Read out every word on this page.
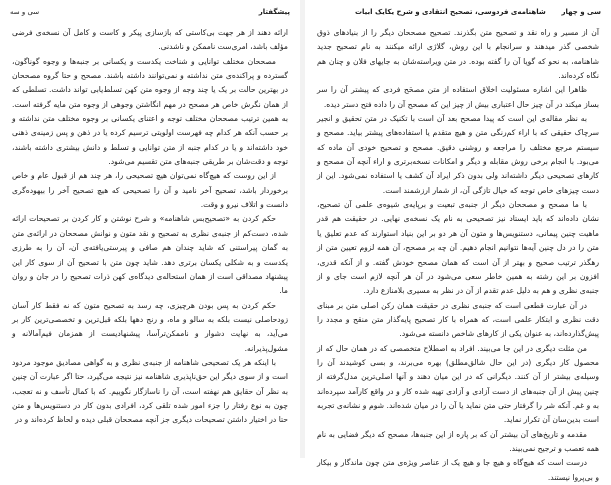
سی و سه	پیشگفتار

ارائه دهند از هر جهت بی‌کاستی که بازسازی پیکر و کاست و کامل آن نسخه‌ی فرضی مؤلف باشد، امری‌ست ناممکن و ناشدنی.

مصححان مختلف توانایی و شناخت یکدست و یکسانی بر جنبه‌ها و وجوه گوناگون، گسترده و پراکنده‌ی متن نداشته و نمی‌توانند داشته باشند. مصحح و حتا گروه مصححان در بهترین حالت بر یک یا چند وجه از وجوه متن کهن تسلط‌یابی تواند داشت. تسلطی که از همان نگرش خاص هر مصحح در مهم انگاشتن وجوهی از وجوه متن مایه گرفته است. به همین ترتیب مصححان مختلف توجه و اعتنای یکسانی بر وجوه مختلف متن نداشته و بر حسب آنکه هر کدام چه فهرست اولویتی ترسیم کرده یا در ذهن و پس زمینه‌ی ذهنی خود داشته‌اند و یا در کدام جنبه از متن توانایی و تسلط و دانش بیشتری داشته باشند، توجه و دقت‌شان بر طریقی جنبه‌های متن تقسیم می‌شود.

از این روست که هیچ‌گاه نمی‌توان هیچ تصحیحی را، هر چند هم از قبول عام و خاص برخوردار باشد، تصحیح آخر نامید و آن را تصحیحی که هیچ تصحیح آخر را بیهوده‌گری دانست و اتلاف نیرو و وقت.

حکم کردن به «تصحیح‌بس شاهنامه» و شرح نوشتن و کار کردن بر تصحیحات ارائه شده، دست‌کم از جنبه‌ی نظری به تصحیح و نقد متون و نوانش مصححان در ارائه‌ی متن به گمان پیراستنی که شاید چندان هم صافی و پیرستی‌یافته‌ی آن، آن را به طرزی یکدست و به شکلی یکسان برتری دهد. شاید چون متن با تصحیح آن از سوی کار این پیشنهاد مصداقی است از همان استحاله‌ی دیدگاه‌ی کهن ذرات تصحیح را در جان و روان ما.

حکم کردن به پس بودن هرچیزی، چه رسد به تصحیح متون که نه فقط کار آسان زودحاصلی نیست بلکه به سالو و ماه، و رنج دهها بلکه قبل‌ترین و تخصصی‌ترین کار بر می‌آید، به نهایت دشوار و ناممکن‌ترآسا، پیشنهاد‌یست از همزمان فیم‌آمالانه و مشول‌پذیرانه.

با اینکه هر یک تصحیحی شاهنامه از جنبه‌ی نظری و به گواهی مصادیق موجود مردود است و از سوی دیگر این حق‌ناپذیری شاهنامه نیز نتیجه می‌گیرد، حتا اگر عبارت آن چنین به نظر آن حقایق هم نهفته است، آن را ناسازگار نگوییم. که با کمال تأسف و نه تعجب، چون به نوع رفتار را جزء امور شده تلقی کرد، افرادی بدون کار در دستنویس‌ها و متن حتا در اختیار داشتن تصحیحات دیگری جز آنچه مصححان قبلی دیده و لحاظ کرده‌اند و در

شاهنامه‌ی فردوسی، تصحیح انتقادی و شرح یکایک ابیات سی و چهار

آن از مسیر و راه نقد و تصحیح متن بگذرند. تصحیح مصححان دیگر را از بنیادهای ذوق شخصی گذر میدهند و سرانجام با این روش، گلاژی ارائه میکنند به نام تصحیح جدید شاهنامه، به نحو که گویا آن را گفته بوده. در متن ویراسته‌شان به جایهای فلان و چنان هم نگاه کرده‌اند.

ظاهرا این اشاره مسئولیت اخلاق استفاده از متن مصحَح فردی که پیشتر آن را سر بساز میکند در آن چیز حال اعتباری بیش از چیز این که مصحح آن را داده فتح دستر دیده.

به نظر مقاله‌ی این است که پیدا مصحح بعد آن است با تکنیک در متن تحقیق و انجیر سرچاک حقیقی که با اراء کم‌رنگی متن و هیچ متقدم یا استفاده‌های پیشتر بیاید. مصحح و سیستم مرجع مختلف را مراجعه و روشنی دقیق. مصحح و تصحیح خودی آن ماده که می‌بود. با انجام برخی روش مقابله و دیگر و امکانات نسخه‌برتری و اراء آنچه آن مصحح و کارهای تصحیحی دیگر داشته‌اند ولی بدون ذکر ایراد آن کشف یا استفاده نمی‌شود. این از دست چیزهای خاص توجه که خیال تازگی آن، از شمار ارزشمند است.

با ما مصحح و مصححان دیگر از جنبه‌ی تبعیت و برپایه‌ی شیوه‌ی علمی آن تصحیح، نشان داده‌اند که باید ایستاد نیز تصحیحی به نام یک نسخه‌ی نهایی. در حقیقت هم قدر ماهیت چنین پیمانی، دستنویس‌ها و متون آن هر دو بر این بنیاد استوارند که عدم تعلیق یا متن را در دل چنین آیه‌ها نتوانیم انجام دهیم. آن چه بر مصحح، آن همه لزوم تعیین متن از رهگذر ترتیب صحیح و بهتر از آن است که همان مصحح خودش گفته. و از آنکه قدری، افزون بر این رشته به همین خاطر سعی می‌شود در آن هر آنچه لازم است جای و از جنبه‌ی نظری و هم به دلیل عدم تقدم از آن در نظر به مسیری بلامنازع دارد.

در آن عبارت قطعی است که جنبه‌ی نظری در حقیقت همان رکن اصلی متن بر مبنای دقت نظری و ابتکار علمی است، که همراه با کار تصحیح پایه‌گذار متن منقح و مجدد را پیش‌گذارده‌اند، به عنوان یکی از کارهای شاخص دانسته می‌شود.

من مثلت دیگری در این جا می‌بیند. افراد به اصطلاح متخصصی که در همان حال که از محصول کار دیگری (در این حال شالق‌مطلق) بهره می‌برند، و بسی کوشیدند آن را وسیله‌ی بیشتر از آن کنند. دیگرانی که در این میان دهند و آنها اصلی‌ترین مدل‌گرفته از چنین پیش از آن جنبه‌های از دست آزادی و آزادی تهیه شده کار و در واقع کارآمد سپرده‌اند به و غم. آنکه شر را گرفتار حتی متن نماید یا آن را در میان شده‌اند. شوم و نشانه‌ی تجربه است بدین‌سان آن تکرار نماید.

مقدمه و تاریخ‌های آن بیشتر آن که بر پاره از این جنبه‌ها، مصحح که دیگر فضایی به نام همه تعصب و ترجیح نمی‌بیند.

درست است که هیچ‌گاه و هیچ جا و هیچ یک از عناصر ویژه‌ی متن چون ماندگار و بیکار و بی‌پروا نیستند.
